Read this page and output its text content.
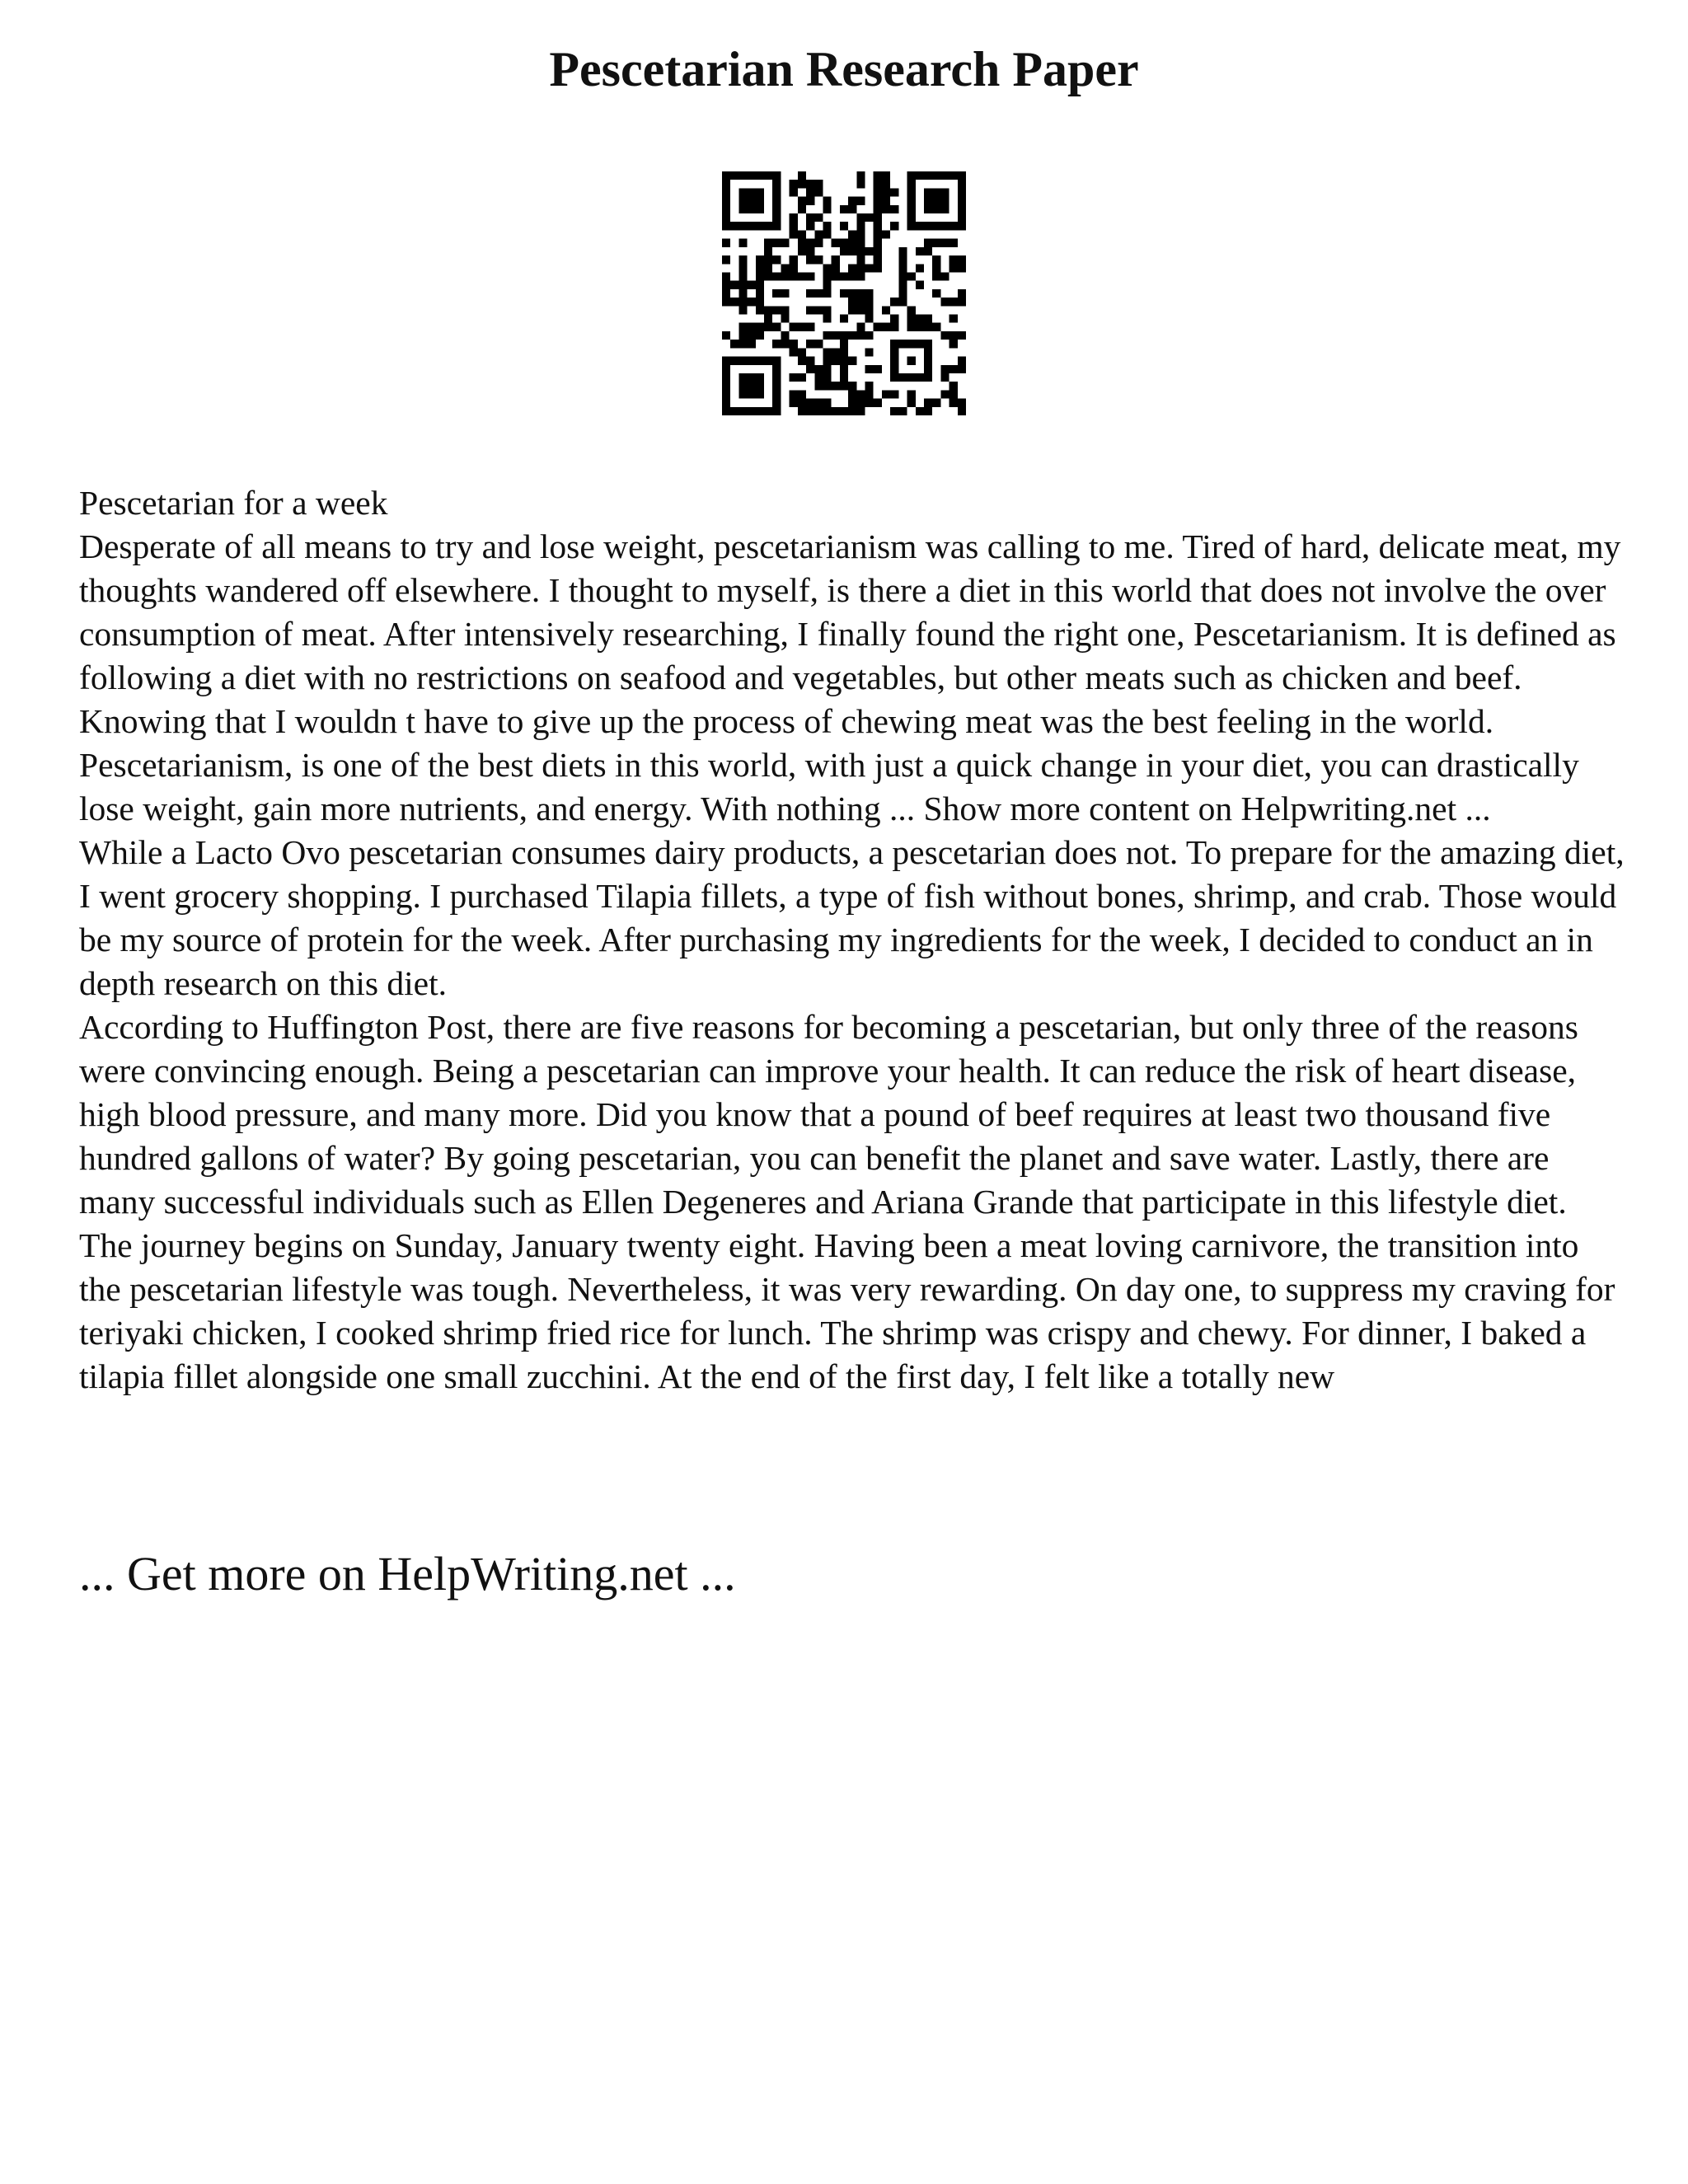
Pescetarian Research Paper

Pescetarian for a week

Desperate of all means to try and lose weight, pescetarianism was calling to me. Tired of hard, delicate meat, my thoughts wandered off elsewhere. I thought to myself, is there a diet in this world that does not involve the over consumption of meat. After intensively researching, I finally found the right one, Pescetarianism. It is defined as following a diet with no restrictions on seafood and vegetables, but other meats such as chicken and beef. Knowing that I wouldn t have to give up the process of chewing meat was the best feeling in the world. Pescetarianism, is one of the best diets in this world, with just a quick change in your diet, you can drastically lose weight, gain more nutrients, and energy. With nothing ... Show more content on Helpwriting.net ...

While a Lacto Ovo pescetarian consumes dairy products, a pescetarian does not. To prepare for the amazing diet, I went grocery shopping. I purchased Tilapia fillets, a type of fish without bones, shrimp, and crab. Those would be my source of protein for the week. After purchasing my ingredients for the week, I decided to conduct an in depth research on this diet.

According to Huffington Post, there are five reasons for becoming a pescetarian, but only three of the reasons were convincing enough. Being a pescetarian can improve your health. It can reduce the risk of heart disease, high blood pressure, and many more. Did you know that a pound of beef requires at least two thousand five hundred gallons of water? By going pescetarian, you can benefit the planet and save water. Lastly, there are many successful individuals such as Ellen Degeneres and Ariana Grande that participate in this lifestyle diet.

The journey begins on Sunday, January twenty eight. Having been a meat loving carnivore, the transition into the pescetarian lifestyle was tough. Nevertheless, it was very rewarding. On day one, to suppress my craving for teriyaki chicken, I cooked shrimp fried rice for lunch. The shrimp was crispy and chewy. For dinner, I baked a tilapia fillet alongside one small zucchini. At the end of the first day, I felt like a totally new

... Get more on HelpWriting.net ...
